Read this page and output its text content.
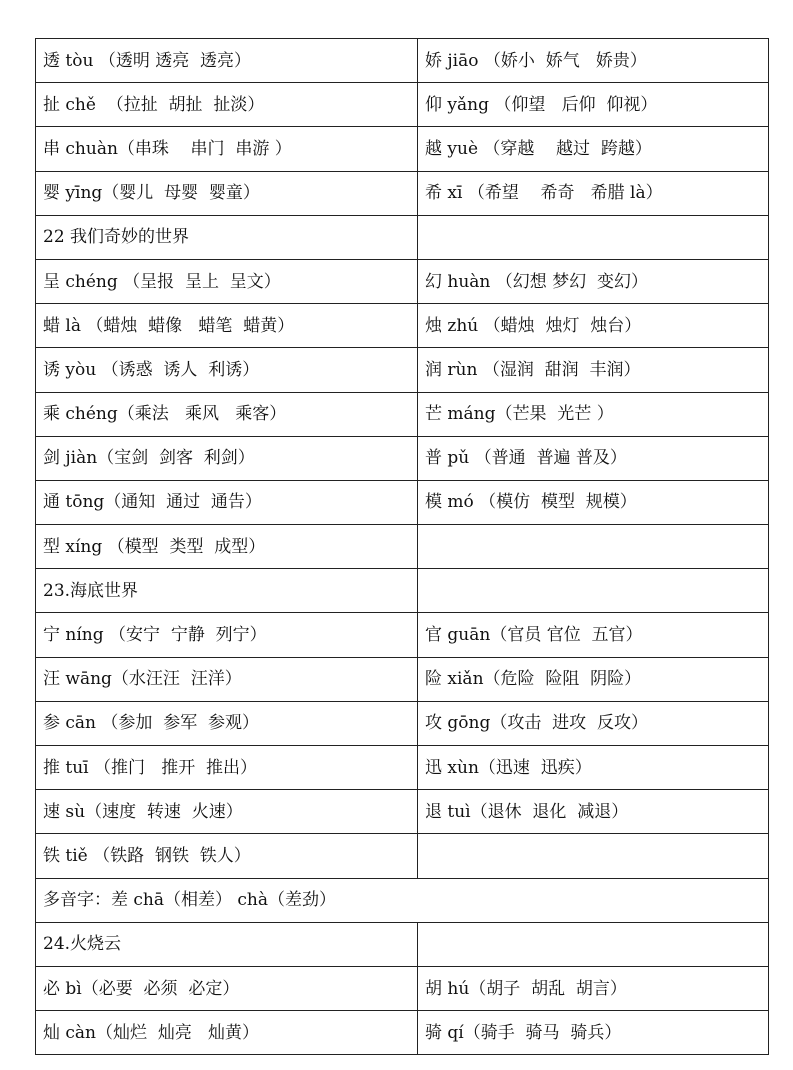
透 tòu （透明 透亮  透亮）	娇 jiāo （娇小  娇气   娇贵）
扯 chě  （拉扯  胡扯  扯淡）	仰 yǎng （仰望   后仰  仰视）
串 chuàn（串珠    串门  串游 ）	越 yuè （穿越    越过  跨越）
婴 yīng（婴儿  母婴  婴童）	希 xī （希望    希奇   希腊 là）
22 我们奇妙的世界	
呈 chéng （呈报  呈上  呈文）	幻 huàn （幻想 梦幻  变幻）
蜡 là （蜡烛  蜡像   蜡笔  蜡黄）	烛 zhú （蜡烛  烛灯  烛台）
诱 yòu （诱惑  诱人  利诱）	润 rùn （湿润  甜润  丰润）
乘 chéng（乘法   乘风   乘客）	芒 máng（芒果  光芒 ）
剑 jiàn（宝剑  剑客  利剑）	普 pǔ （普通  普遍 普及）
通 tōng（通知  通过  通告）	模 mó （模仿  模型  规模）
型 xíng （模型  类型  成型）	
23.海底世界	
宁 níng （安宁  宁静  列宁）	官 guān（官员 官位  五官）
汪 wāng（水汪汪  汪洋）	险 xiǎn（危险  险阻  阴险）
参 cān （参加  参军  参观）	攻 gōng（攻击  进攻  反攻）
推 tuī （推门   推开  推出）	迅 xùn（迅速  迅疾）
速 sù（速度  转速  火速）	退 tuì（退休  退化  减退）
铁 tiě （铁路  钢铁  铁人）	
多音字：差 chā（相差） chà（差劲）	
24.火烧云	
必 bì（必要  必须  必定）	胡 hú（胡子  胡乱  胡言）
灿 càn（灿烂  灿亮   灿黄）	骑 qí（骑手  骑马  骑兵）
